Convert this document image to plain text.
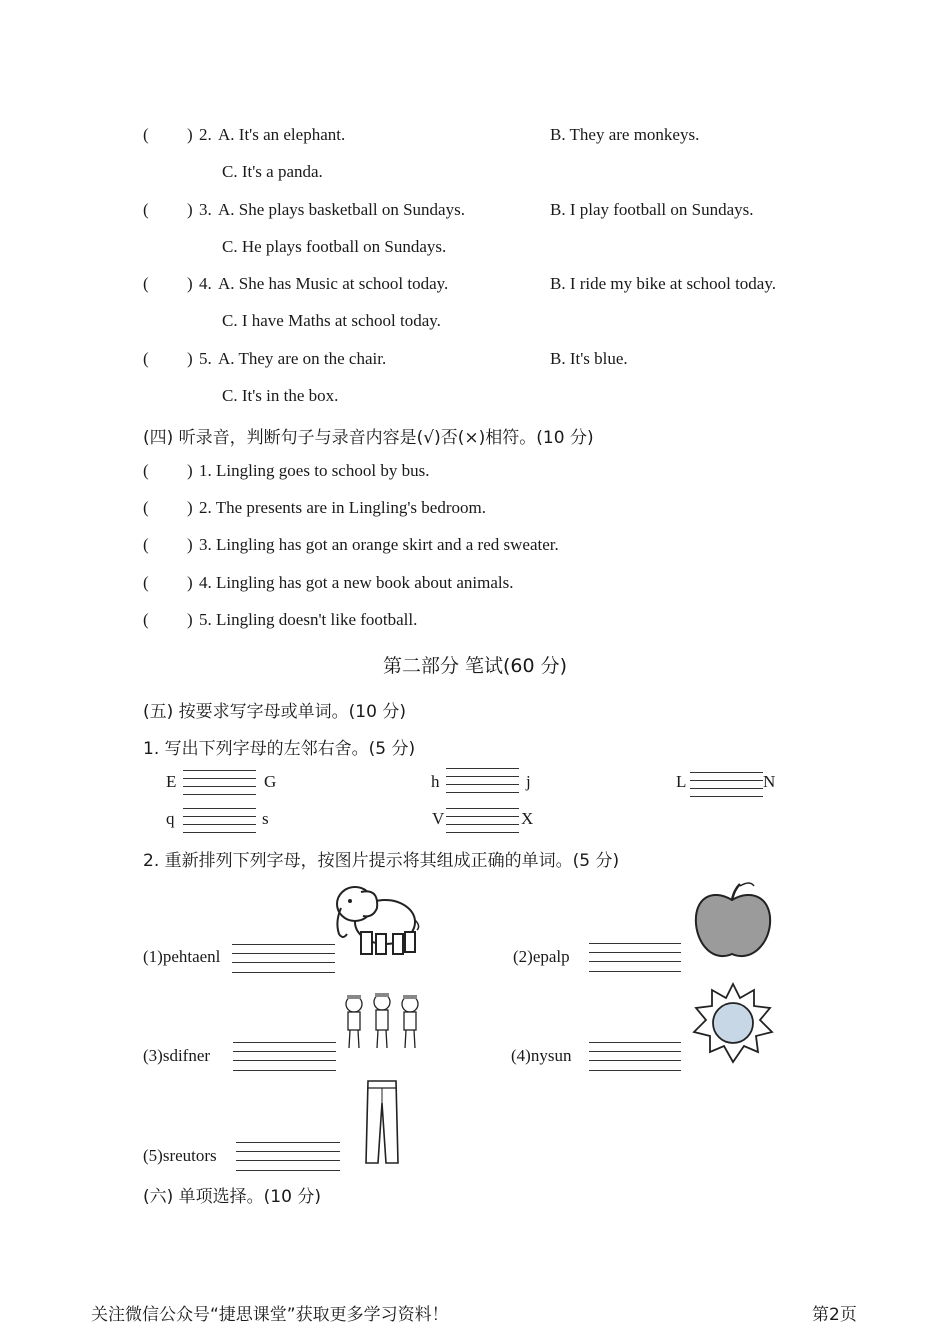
( ) 2. A. It's an elephant.	B. They are monkeys.
C. It's a panda.
( ) 3. A. She plays basketball on Sundays.	B. I play football on Sundays.
C. He plays football on Sundays.
( ) 4. A. She has Music at school today.	B. I ride my bike at school today.
C. I have Maths at school today.
( ) 5. A. They are on the chair.	B. It's blue.
C. It's in the box.
(四) 听录音，判断句子与录音内容是(√)否(×)相符。(10 分)
( ) 1. Lingling goes to school by bus.
( ) 2. The presents are in Lingling's bedroom.
( ) 3. Lingling has got an orange skirt and a red sweater.
( ) 4. Lingling has got a new book about animals.
( ) 5. Lingling doesn't like football.
第二部分 笔试(60 分)
(五) 按要求写字母或单词。(10 分)
1. 写出下列字母的左邻右舍。(5 分)
E	G	h	j	L	N
q	s	V	X
2. 重新排列下列字母，按图片提示将其组成正确的单词。(5 分)
(1)pehtaenl	(2)epalp
(3)sdifner	(4)nysun
(5)sreutors
(六) 单项选择。(10 分)
关注微信公众号“捷思课堂”获取更多学习资料！	第2页
